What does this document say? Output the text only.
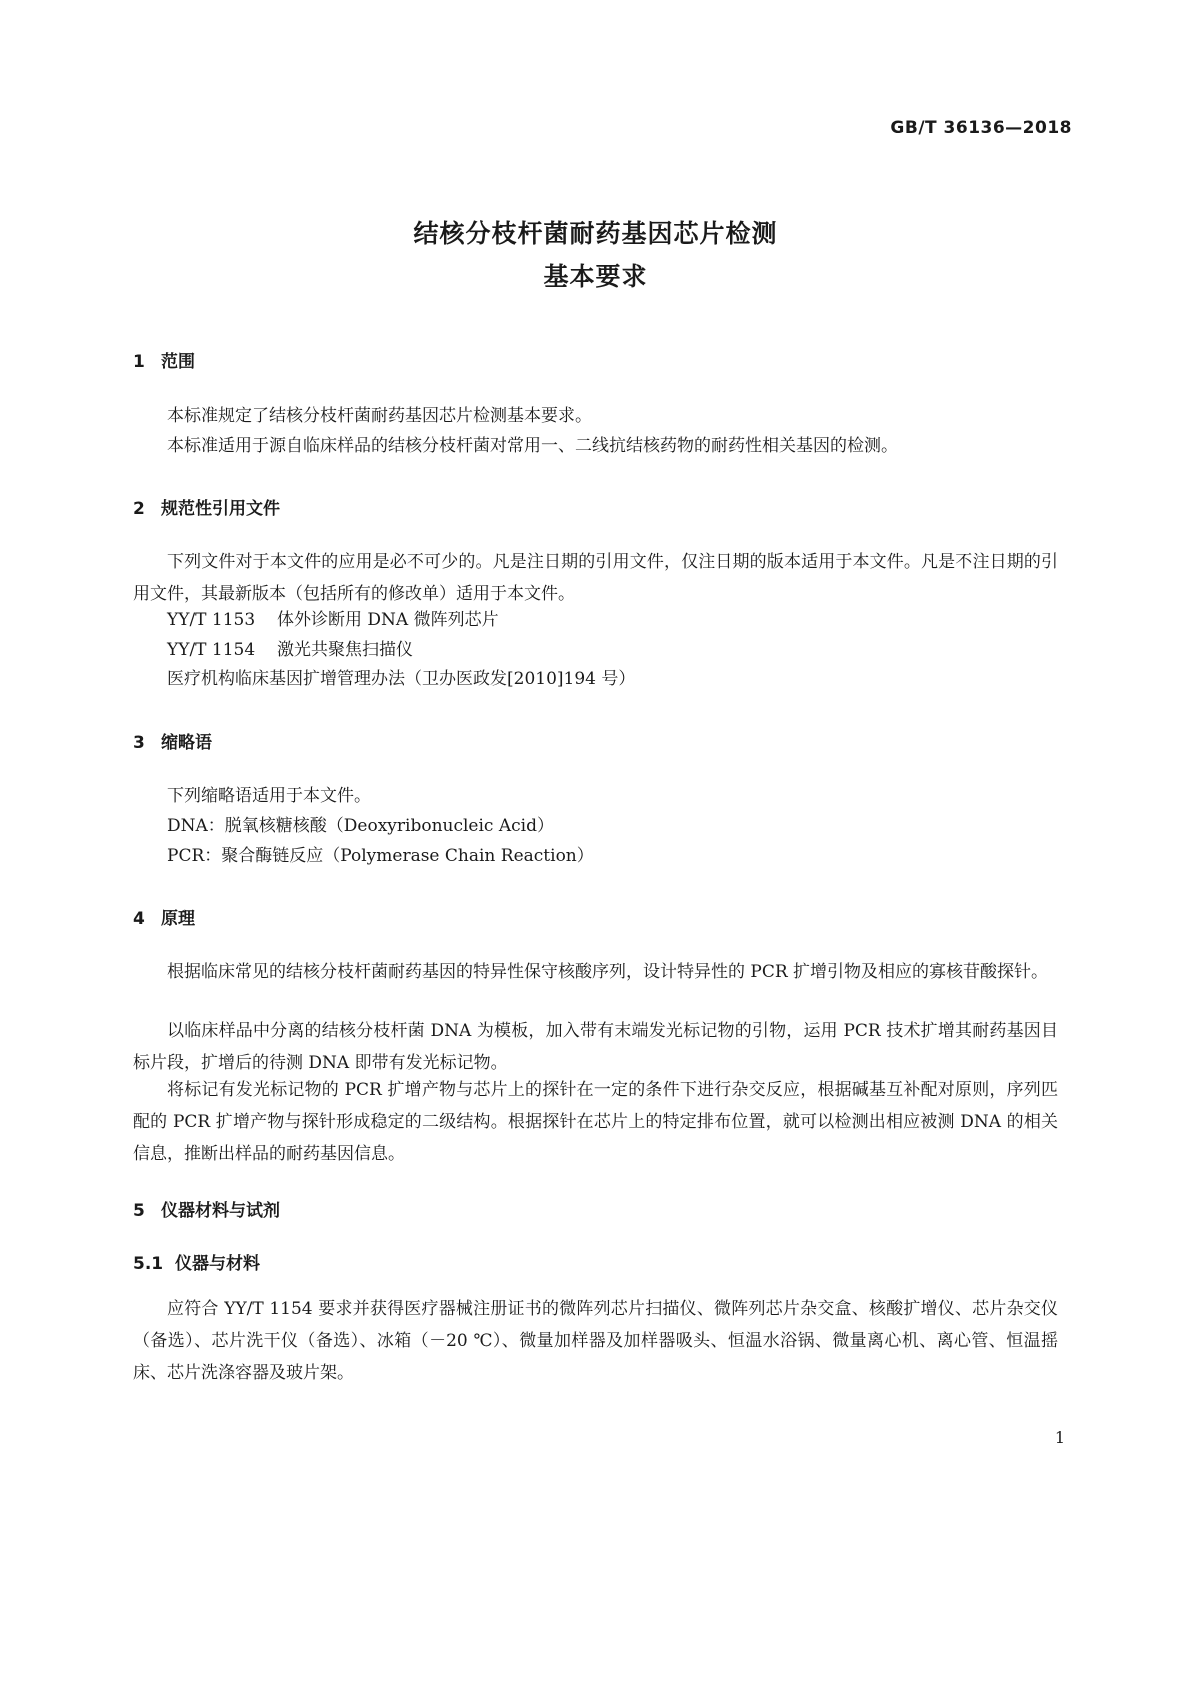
GB/T 36136—2018
结核分枝杆菌耐药基因芯片检测
基本要求
1 范围
本标准规定了结核分枝杆菌耐药基因芯片检测基本要求。
本标准适用于源自临床样品的结核分枝杆菌对常用一、二线抗结核药物的耐药性相关基因的检测。
2 规范性引用文件
下列文件对于本文件的应用是必不可少的。凡是注日期的引用文件，仅注日期的版本适用于本文件。凡是不注日期的引用文件，其最新版本（包括所有的修改单）适用于本文件。
YY/T 1153 体外诊断用 DNA 微阵列芯片
YY/T 1154 激光共聚焦扫描仪
医疗机构临床基因扩增管理办法（卫办医政发[2010]194 号）
3 缩略语
下列缩略语适用于本文件。
DNA：脱氧核糖核酸（Deoxyribonucleic Acid）
PCR：聚合酶链反应（Polymerase Chain Reaction）
4 原理
根据临床常见的结核分枝杆菌耐药基因的特异性保守核酸序列，设计特异性的 PCR 扩增引物及相应的寡核苷酸探针。
以临床样品中分离的结核分枝杆菌 DNA 为模板，加入带有末端发光标记物的引物，运用 PCR 技术扩增其耐药基因目标片段，扩增后的待测 DNA 即带有发光标记物。
将标记有发光标记物的 PCR 扩增产物与芯片上的探针在一定的条件下进行杂交反应，根据碱基互补配对原则，序列匹配的 PCR 扩增产物与探针形成稳定的二级结构。根据探针在芯片上的特定排布位置，就可以检测出相应被测 DNA 的相关信息，推断出样品的耐药基因信息。
5 仪器材料与试剂
5.1 仪器与材料
应符合 YY/T 1154 要求并获得医疗器械注册证书的微阵列芯片扫描仪、微阵列芯片杂交盒、核酸扩增仪、芯片杂交仪（备选）、芯片洗干仪（备选）、冰箱（－20 ℃）、微量加样器及加样器吸头、恒温水浴锅、微量离心机、离心管、恒温摇床、芯片洗涤容器及玻片架。
1
